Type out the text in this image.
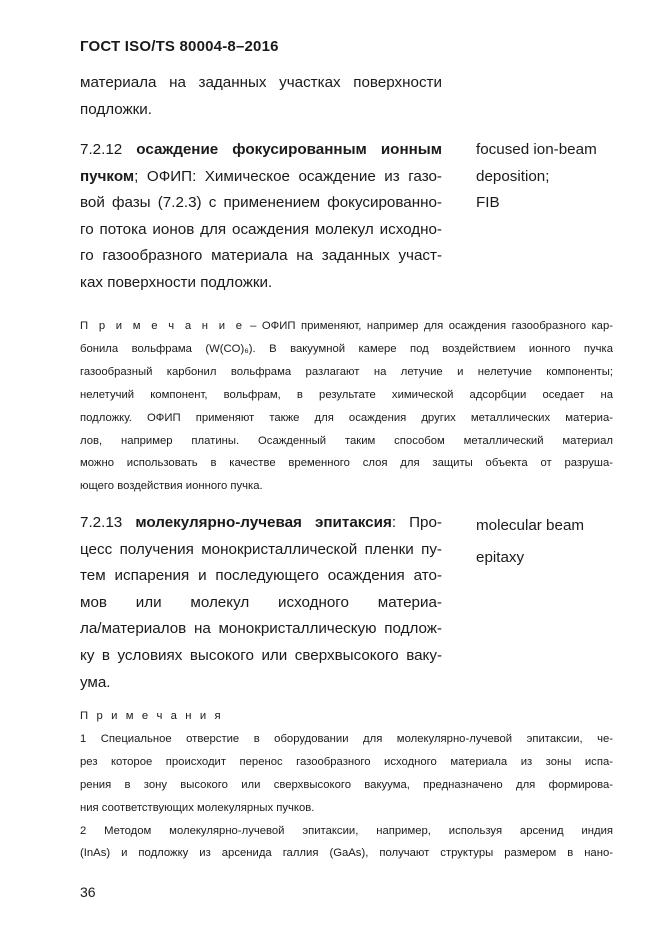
ГОСТ ISO/TS 80004-8–2016
материала на заданных участках поверхности
подложки.
7.2.12 осаждение фокусированным ионным
пучком; ОФИП: Химическое осаждение из газо-
вой фазы (7.2.3) с применением фокусированно-
го потока ионов для осаждения молекул исходно-
го газообразного материала на заданных участ-
ках поверхности подложки.
focused ion-beam
deposition;
FIB
П р и м е ч а н и е – ОФИП применяют, например для осаждения газообразного кар-
бонила вольфрама (W(CO)₆). В вакуумной камере под воздействием ионного пучка
газообразный карбонил вольфрама разлагают на летучие и нелетучие компоненты;
нелетучий компонент, вольфрам, в результате химической адсорбции оседает на
подложку. ОФИП применяют также для осаждения других металлических материа-
лов, например платины. Осажденный таким способом металлический материал
можно использовать в качестве временного слоя для защиты объекта от разруша-
ющего воздействия ионного пучка.
7.2.13 молекулярно-лучевая эпитаксия: Про-
цесс получения монокристаллической пленки пу-
тем испарения и последующего осаждения ато-
мов или молекул исходного материа-
ла/материалов на монокристаллическую подлож-
ку в условиях высокого или сверхвысокого ваку-
ума.
molecular beam
epitaxy
П р и м е ч а н и я
1 Специальное отверстие в оборудовании для молекулярно-лучевой эпитаксии, че-
рез которое происходит перенос газообразного исходного материала из зоны испа-
рения в зону высокого или сверхвысокого вакуума, предназначено для формирова-
ния соответствующих молекулярных пучков.
2 Методом молекулярно-лучевой эпитаксии, например, используя арсенид индия
(InAs) и подложку из арсенида галлия (GaAs), получают структуры размером в нано-
36
